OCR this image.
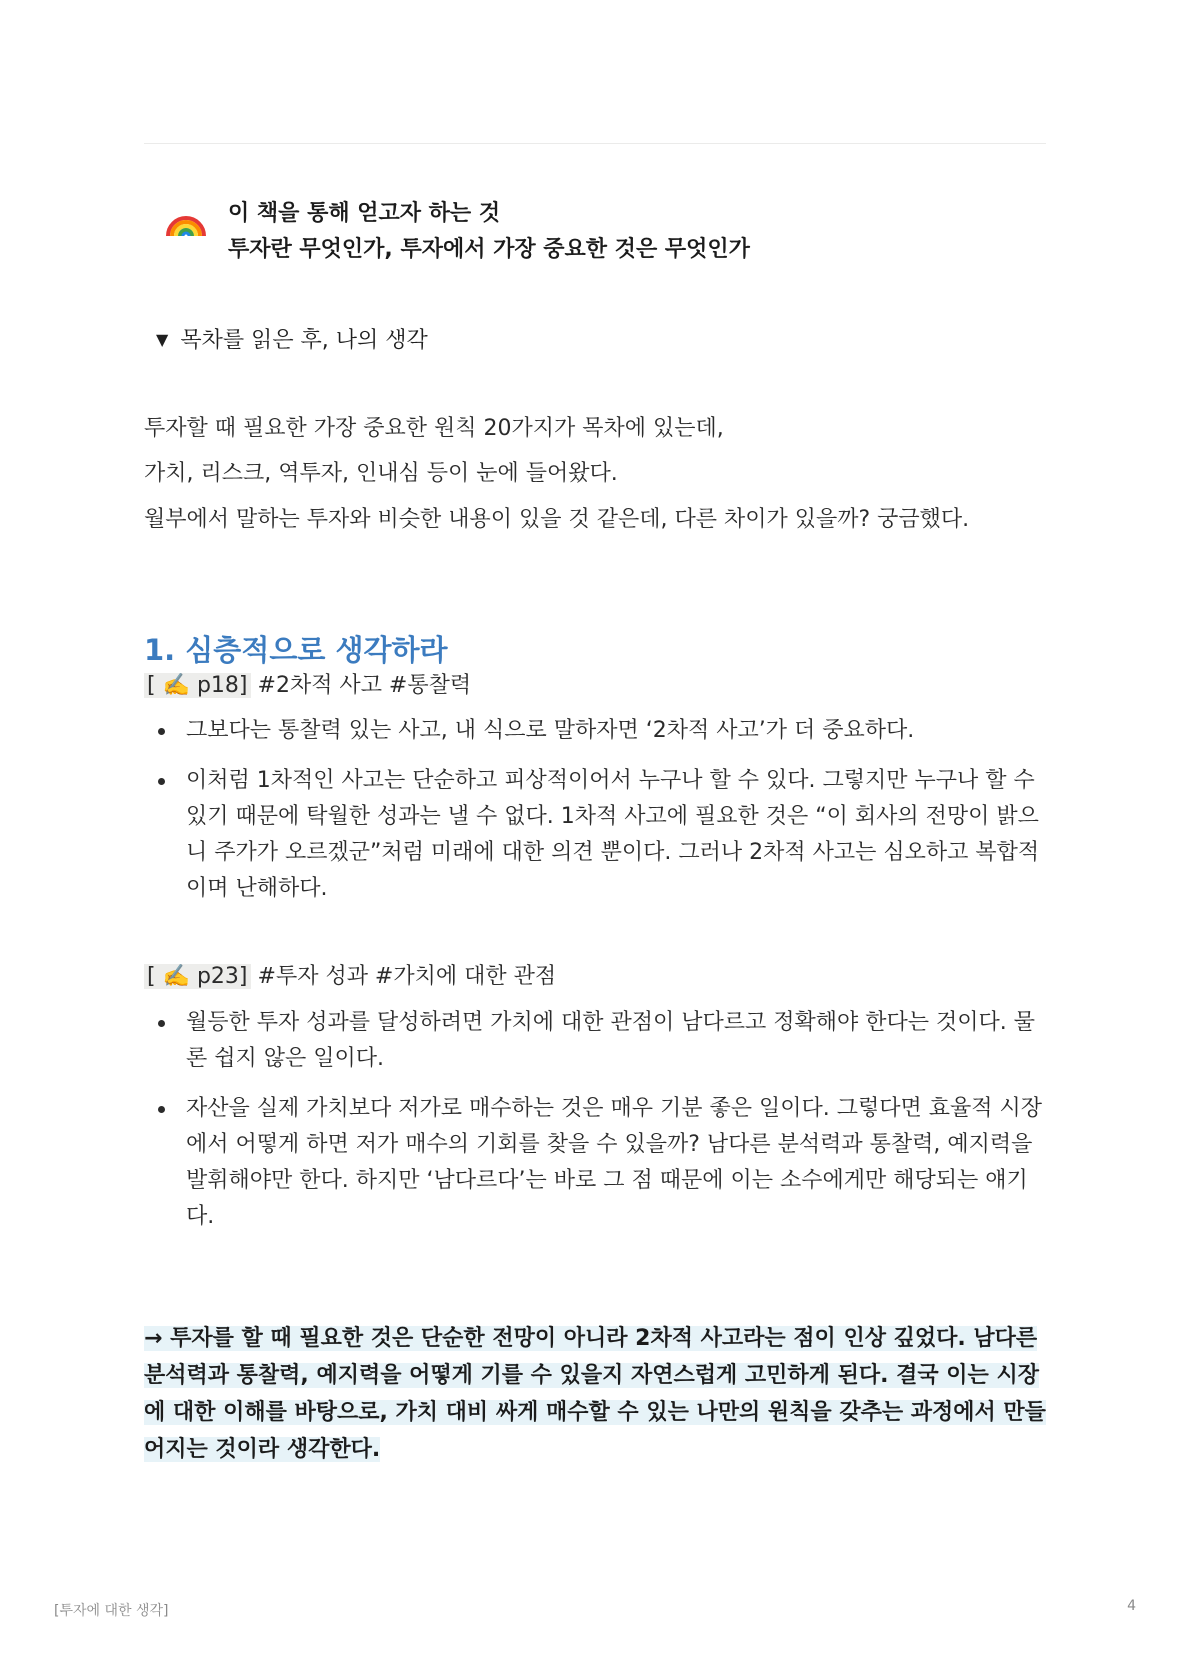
이 책을 통해 얻고자 하는 것
투자란 무엇인가, 투자에서 가장 중요한 것은 무엇인가
▼ 목차를 읽은 후, 나의 생각
투자할 때 필요한 가장 중요한 원칙 20가지가 목차에 있는데,
가치, 리스크, 역투자, 인내심 등이 눈에 들어왔다.
월부에서 말하는 투자와 비슷한 내용이 있을 것 같은데, 다른 차이가 있을까? 궁금했다.
1. 심층적으로 생각하라
[ ✍️ p18] #2차적 사고 #통찰력
그보다는 통찰력 있는 사고, 내 식으로 말하자면 ‘2차적 사고’가 더 중요하다.
이처럼 1차적인 사고는 단순하고 피상적이어서 누구나 할 수 있다. 그렇지만 누구나 할 수 있기 때문에 탁월한 성과는 낼 수 없다. 1차적 사고에 필요한 것은 “이 회사의 전망이 밝으니 주가가 오르겠군”처럼 미래에 대한 의견 뿐이다. 그러나 2차적 사고는 심오하고 복합적이며 난해하다.
[ ✍️ p23] #투자 성과 #가치에 대한 관점
월등한 투자 성과를 달성하려면 가치에 대한 관점이 남다르고 정확해야 한다는 것이다. 물론 쉽지 않은 일이다.
자산을 실제 가치보다 저가로 매수하는 것은 매우 기분 좋은 일이다. 그렇다면 효율적 시장에서 어떻게 하면 저가 매수의 기회를 찾을 수 있을까? 남다른 분석력과 통찰력, 예지력을 발휘해야만 한다. 하지만 ‘남다르다’는 바로 그 점 때문에 이는 소수에게만 해당되는 얘기다.
→ 투자를 할 때 필요한 것은 단순한 전망이 아니라 2차적 사고라는 점이 인상 깊었다. 남다른 분석력과 통찰력, 예지력을 어떻게 기를 수 있을지 자연스럽게 고민하게 된다. 결국 이는 시장에 대한 이해를 바탕으로, 가치 대비 싸게 매수할 수 있는 나만의 원칙을 갖추는 과정에서 만들어지는 것이라 생각한다.
[투자에 대한 생각]	4
